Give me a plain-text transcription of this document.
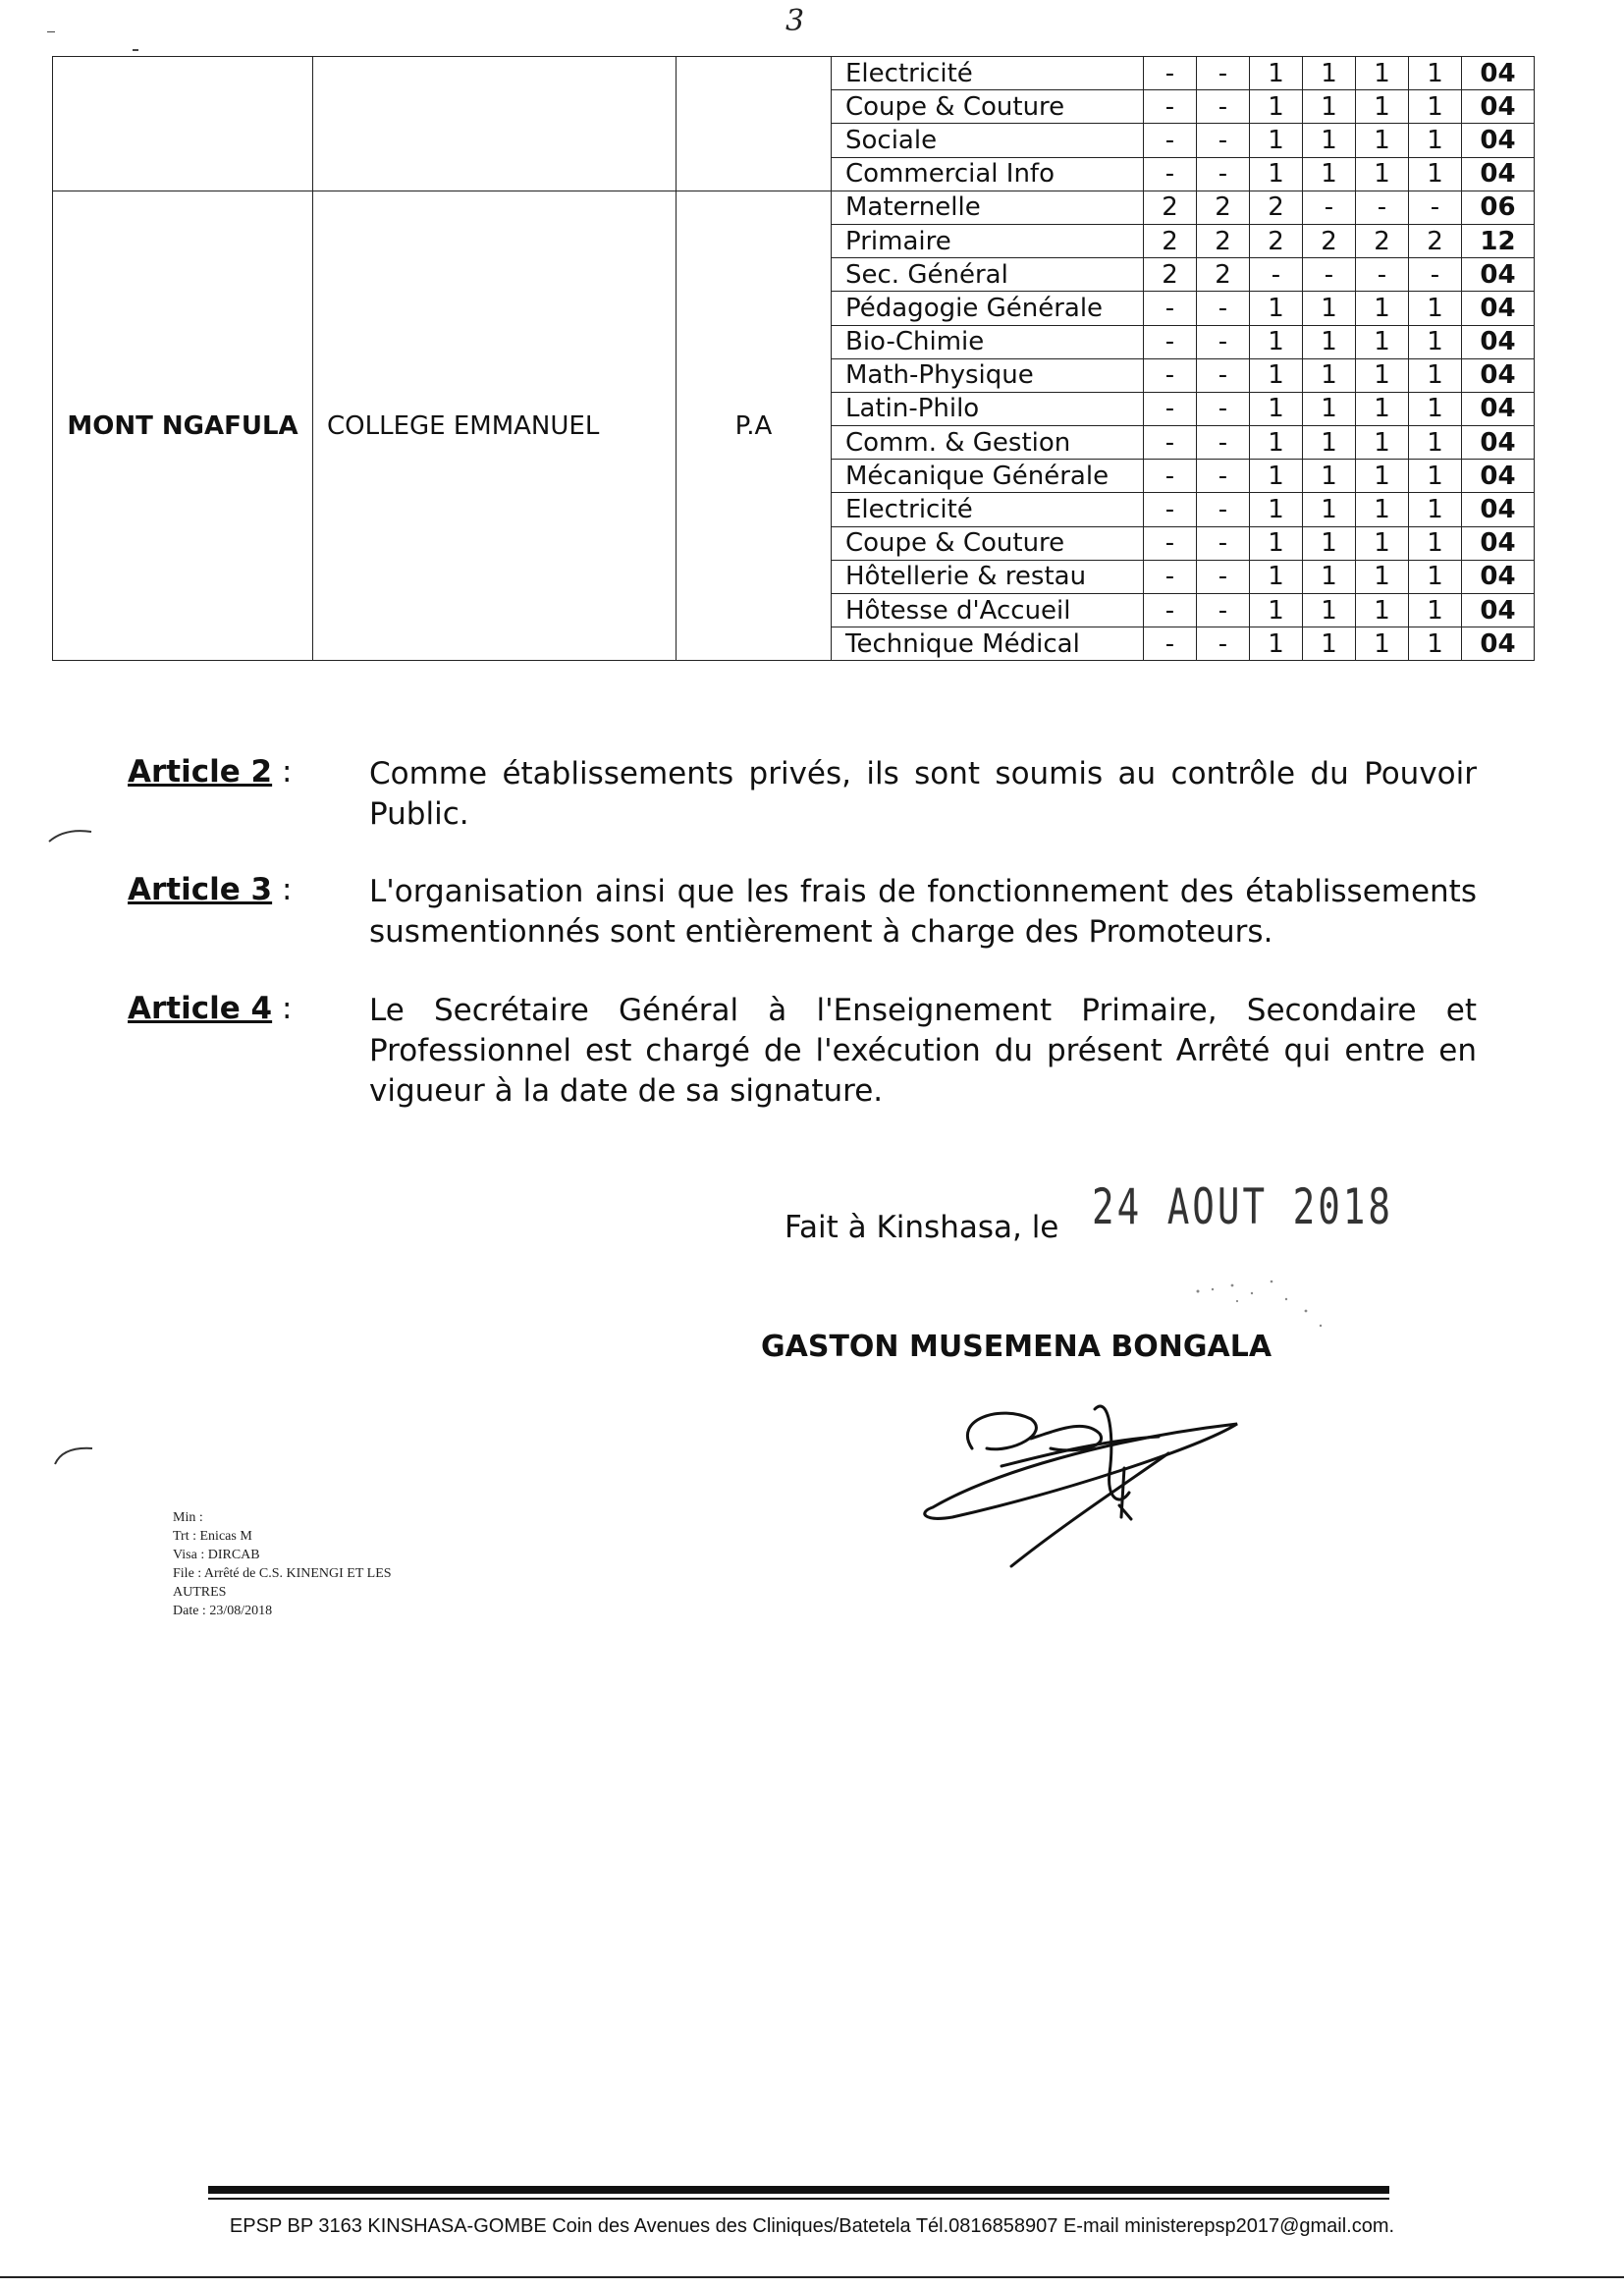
3
			Electricité	-	-	1	1	1	1	04
			Coupe & Couture	-	-	1	1	1	1	04
			Sociale	-	-	1	1	1	1	04
			Commercial Info	-	-	1	1	1	1	04
MONT NGAFULA	COLLEGE EMMANUEL	P.A	Maternelle	2	2	2	-	-	-	06
			Primaire	2	2	2	2	2	2	12
			Sec. Général	2	2	-	-	-	-	04
			Pédagogie Générale	-	-	1	1	1	1	04
			Bio-Chimie	-	-	1	1	1	1	04
			Math-Physique	-	-	1	1	1	1	04
			Latin-Philo	-	-	1	1	1	1	04
			Comm. & Gestion	-	-	1	1	1	1	04
			Mécanique Générale	-	-	1	1	1	1	04
			Electricité	-	-	1	1	1	1	04
			Coupe & Couture	-	-	1	1	1	1	04
			Hôtellerie & restau	-	-	1	1	1	1	04
			Hôtesse d'Accueil	-	-	1	1	1	1	04
			Technique Médical	-	-	1	1	1	1	04
Article 2 :	Comme établissements privés, ils sont soumis au contrôle du Pouvoir Public.
Article 3 :	L'organisation ainsi que les frais de fonctionnement des établissements susmentionnés sont entièrement à charge des Promoteurs.
Article 4 :	Le Secrétaire Général à l'Enseignement Primaire, Secondaire et Professionnel est chargé de l'exécution du présent Arrêté qui entre en vigueur à la date de sa signature.
Fait à Kinshasa, le 24 AOUT 2018
GASTON MUSEMENA BONGALA
Min :
Trt : Enicas M
Visa : DIRCAB
File : Arrêté de C.S. KINENGI ET LES
AUTRES
Date : 23/08/2018
EPSP BP 3163 KINSHASA-GOMBE Coin des Avenues des Cliniques/Batetela Tél.0816858907 E-mail ministerepsp2017@gmail.com.
